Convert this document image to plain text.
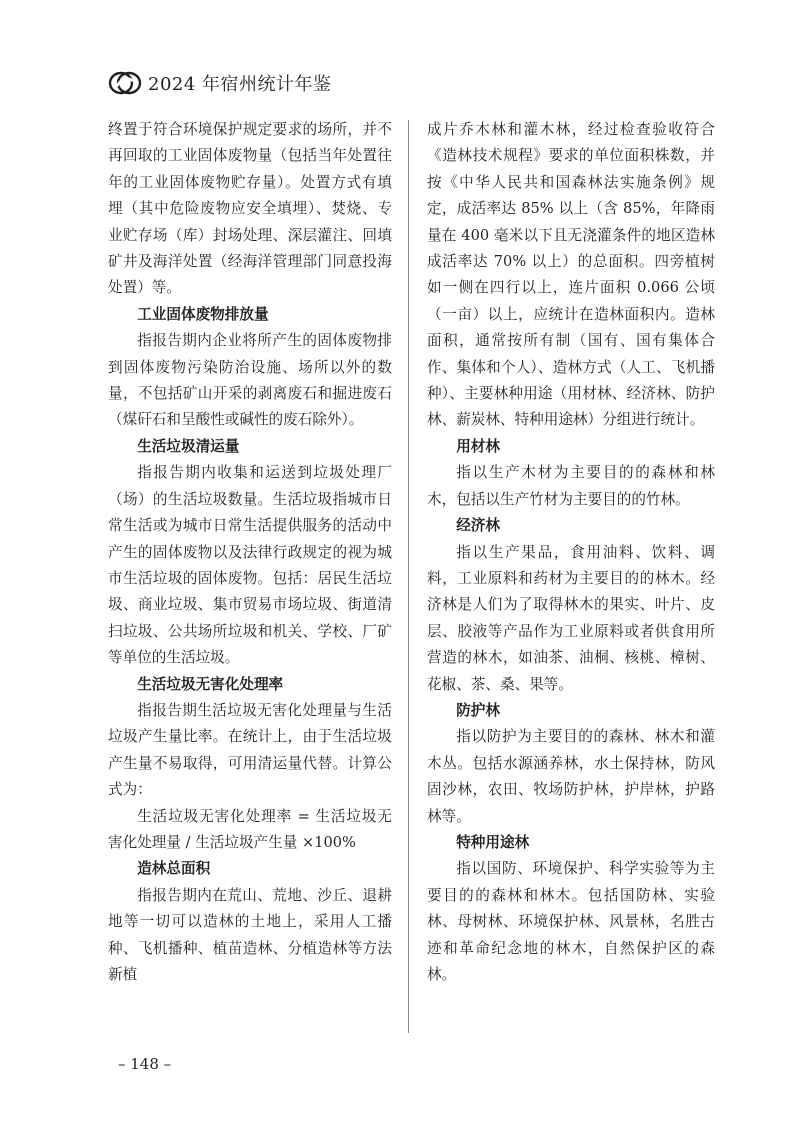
2024 年宿州统计年鉴

终置于符合环境保护规定要求的场所，并不再回取的工业固体废物量（包括当年处置往年的工业固体废物贮存量）。处置方式有填埋（其中危险废物应安全填埋）、焚烧、专业贮存场（库）封场处理、深层灌注、回填矿井及海洋处置（经海洋管理部门同意投海处置）等。

工业固体废物排放量

指报告期内企业将所产生的固体废物排到固体废物污染防治设施、场所以外的数量，不包括矿山开采的剥离废石和掘进废石（煤矸石和呈酸性或碱性的废石除外）。

生活垃圾清运量

指报告期内收集和运送到垃圾处理厂（场）的生活垃圾数量。生活垃圾指城市日常生活或为城市日常生活提供服务的活动中产生的固体废物以及法律行政规定的视为城市生活垃圾的固体废物。包括：居民生活垃圾、商业垃圾、集市贸易市场垃圾、街道清扫垃圾、公共场所垃圾和机关、学校、厂矿等单位的生活垃圾。

生活垃圾无害化处理率

指报告期生活垃圾无害化处理量与生活垃圾产生量比率。在统计上，由于生活垃圾产生量不易取得，可用清运量代替。计算公式为：

生活垃圾无害化处理率 = 生活垃圾无害化处理量 / 生活垃圾产生量 ×100%

造林总面积

指报告期内在荒山、荒地、沙丘、退耕地等一切可以造林的土地上，采用人工播种、飞机播种、植苗造林、分植造林等方法新植

成片乔木林和灌木林，经过检查验收符合《造林技术规程》要求的单位面积株数，并按《中华人民共和国森林法实施条例》规定，成活率达 85% 以上（含 85%，年降雨量在 400 毫米以下且无浇灌条件的地区造林成活率达 70% 以上）的总面积。四旁植树如一侧在四行以上，连片面积 0.066 公顷（一亩）以上，应统计在造林面积内。造林面积，通常按所有制（国有、国有集体合作、集体和个人）、造林方式（人工、飞机播种）、主要林种用途（用材林、经济林、防护林、薪炭林、特种用途林）分组进行统计。

用材林

指以生产木材为主要目的的森林和林木，包括以生产竹材为主要目的的竹林。

经济林

指以生产果品，食用油料、饮料、调料，工业原料和药材为主要目的的林木。经济林是人们为了取得林木的果实、叶片、皮层、胶液等产品作为工业原料或者供食用所营造的林木，如油茶、油桐、核桃、樟树、花椒、茶、桑、果等。

防护林

指以防护为主要目的的森林、林木和灌木丛。包括水源涵养林，水土保持林，防风固沙林，农田、牧场防护林，护岸林，护路林等。

特种用途林

指以国防、环境保护、科学实验等为主要目的的森林和林木。包括国防林、实验林、母树林、环境保护林、风景林，名胜古迹和革命纪念地的林木，自然保护区的森林。

– 148 –
